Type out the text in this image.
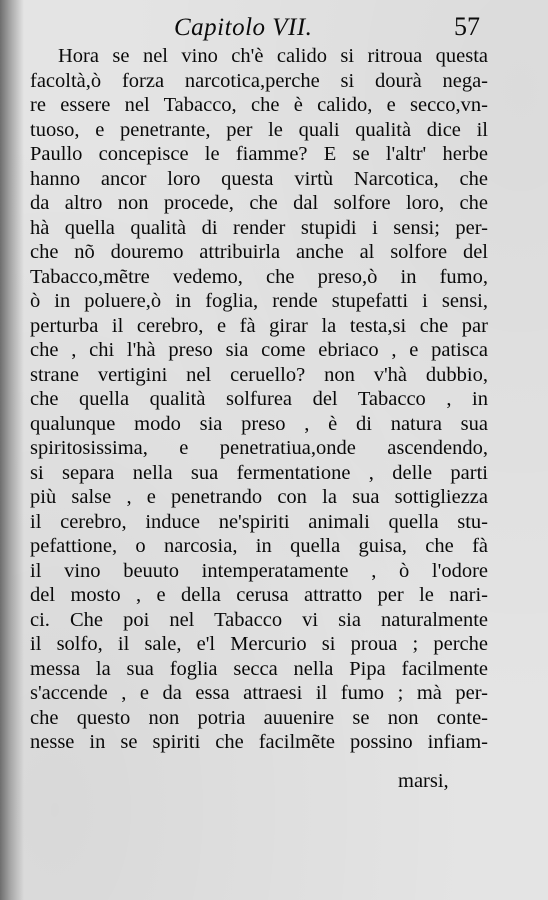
Capitolo VII.	57
Hora se nel vino ch'è calido si ritroua questa
facoltà,ò forza narcotica,perche si dourà nega-
re essere nel Tabacco, che è calido, e secco,vn-
tuoso, e penetrante, per le quali qualità dice il
Paullo concepisce le fiamme? E se l'altr' herbe
hanno ancor loro questa virtù Narcotica, che
da altro non procede, che dal solfore loro, che
hà quella qualità di render stupidi i sensi; per-
che nõ douremo attribuirla anche al solfore del
Tabacco,mẽtre vedemo, che preso,ò in fumo,
ò in poluere,ò in foglia, rende stupefatti i sensi,
perturba il cerebro, e fà girar la testa,si che par
che , chi l'hà preso sia come ebriaco , e patisca
strane vertigini nel ceruello? non v'hà dubbio,
che quella qualità solfurea del Tabacco , in
qualunque modo sia preso , è di natura sua
spiritosissima, e penetratiua,onde ascendendo,
si separa nella sua fermentatione , delle parti
più salse , e penetrando con la sua sottigliezza
il cerebro, induce ne'spiriti animali quella stu-
pefattione, o narcosia, in quella guisa, che fà
il vino beuuto intemperatamente , ò l'odore
del mosto , e della cerusa attratto per le nari-
ci. Che poi nel Tabacco vi sia naturalmente
il solfo, il sale, e'l Mercurio si proua ; perche
messa la sua foglia secca nella Pipa facilmente
s'accende , e da essa attraesi il fumo ; mà per-
che questo non potria auuenire se non conte-
nesse in se spiriti che facilmẽte possino infiam-
marsi,
